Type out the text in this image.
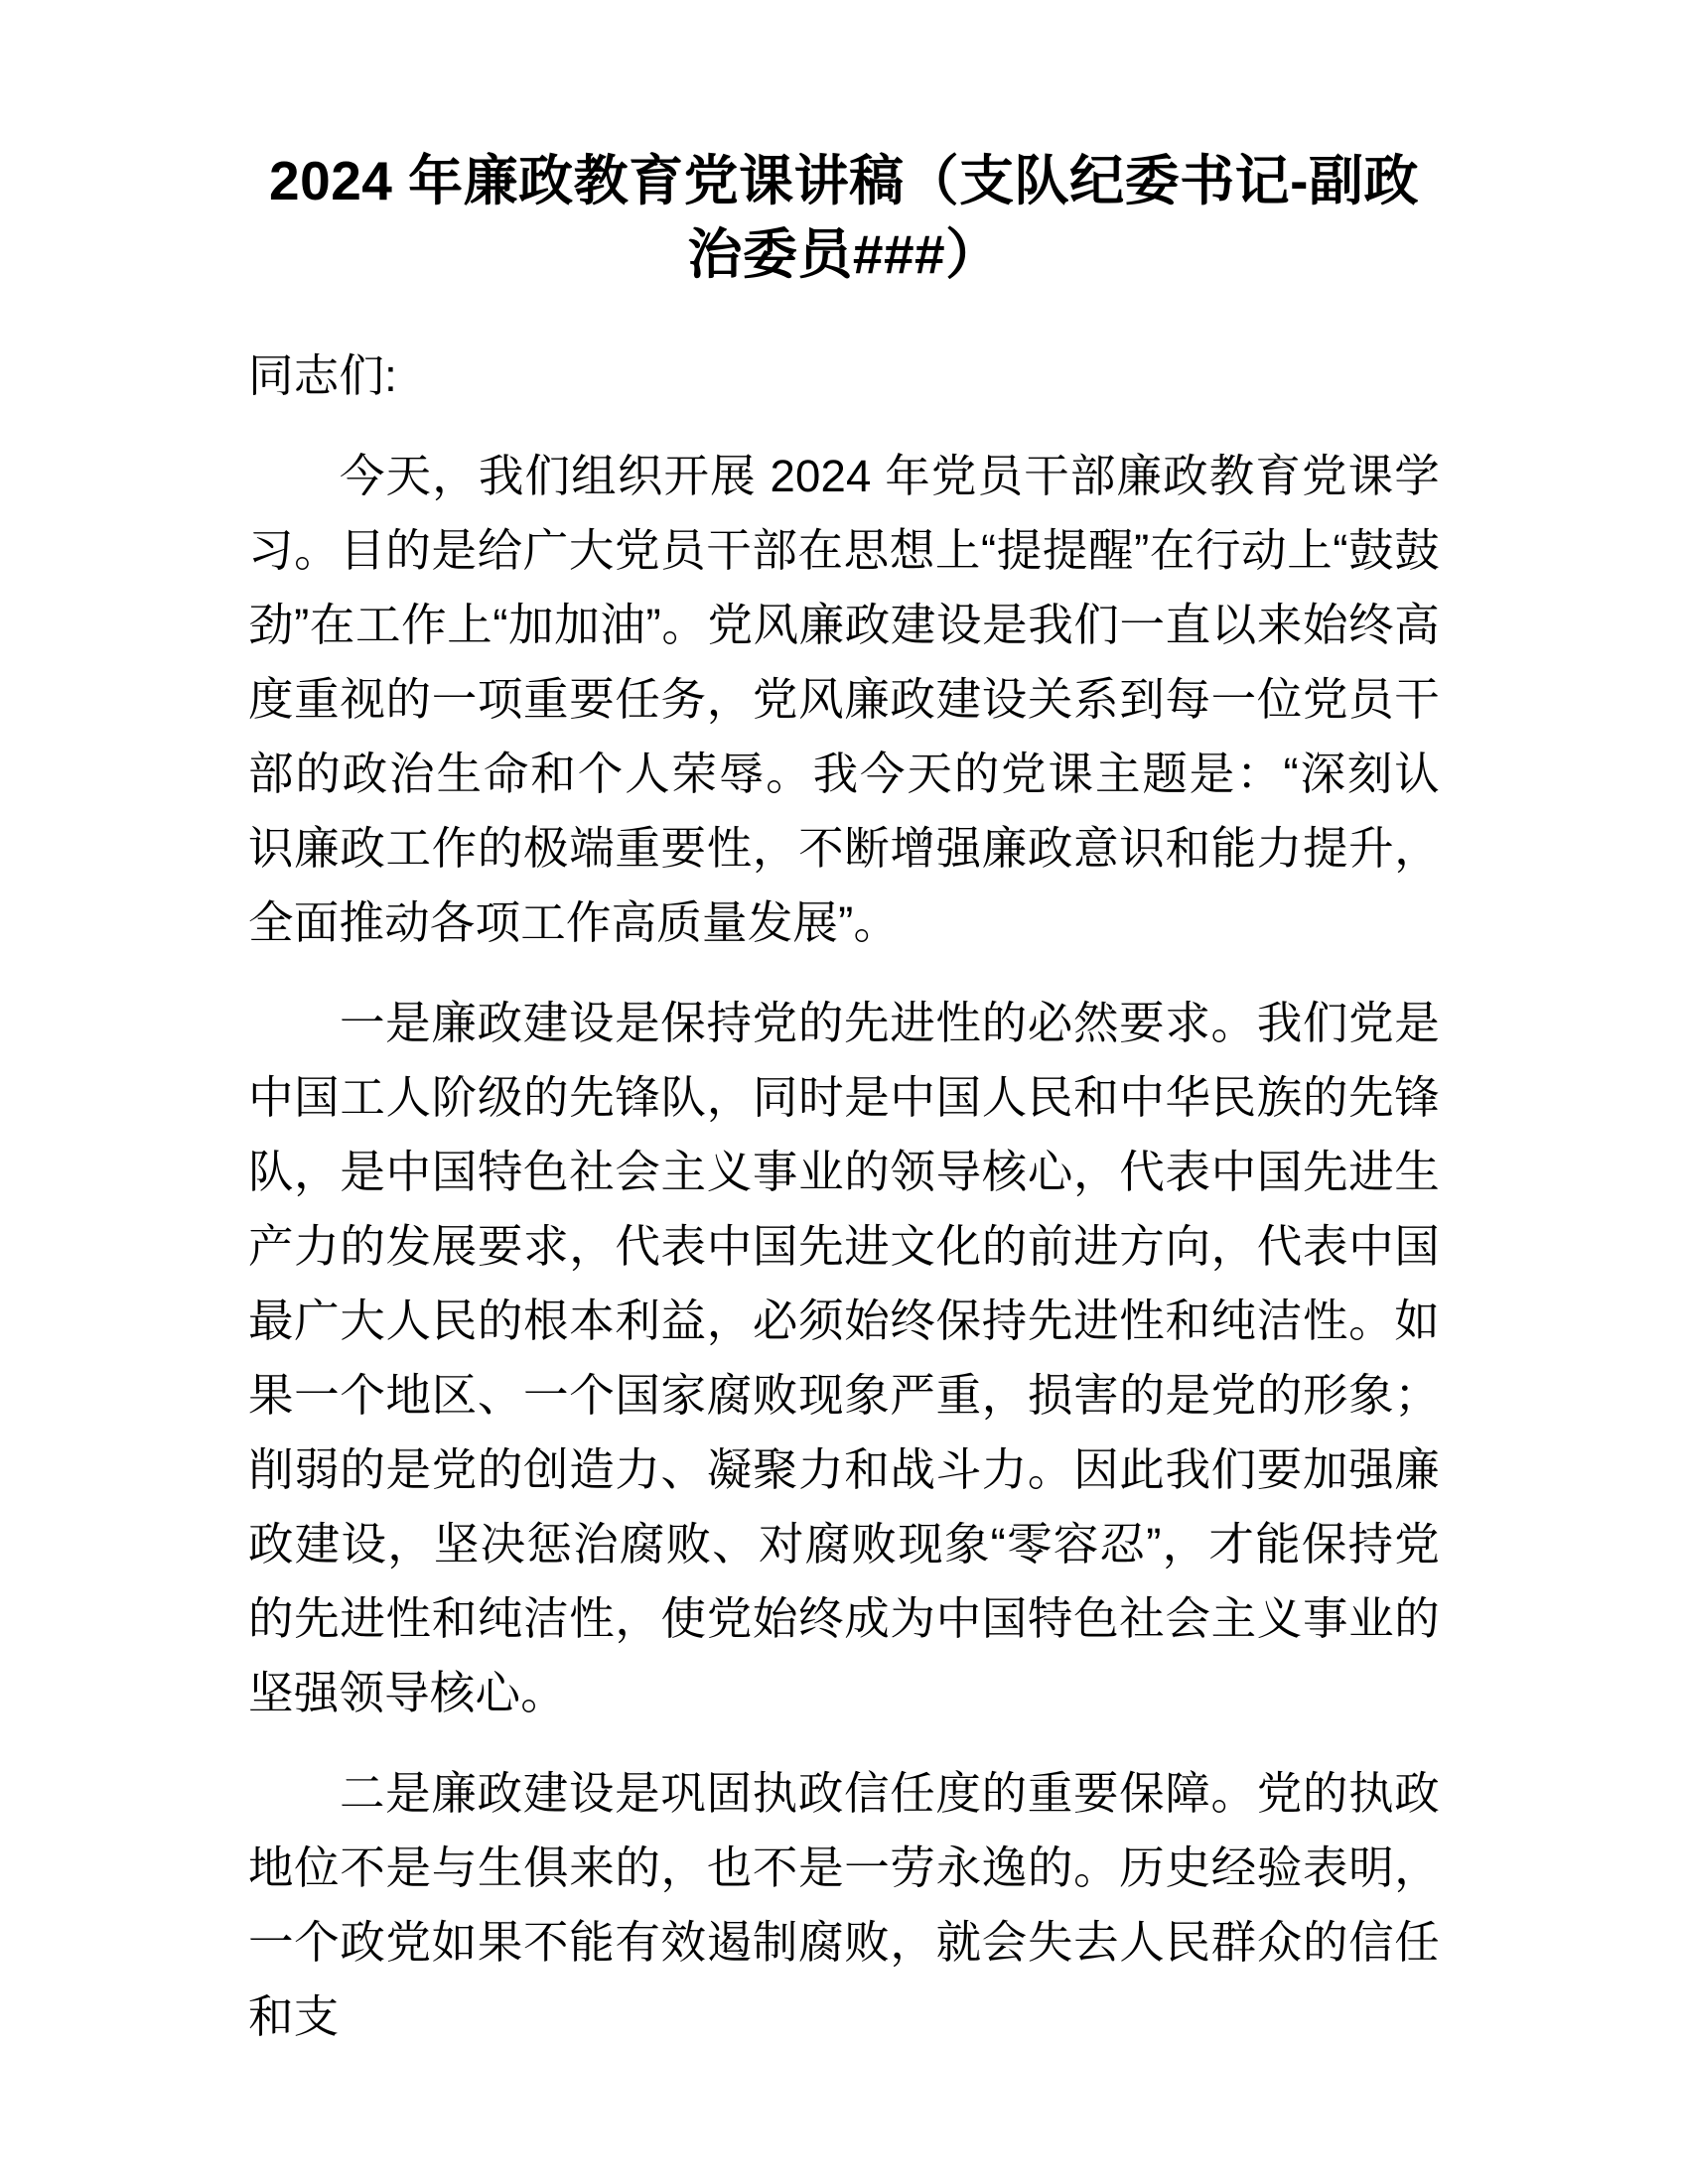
2024 年廉政教育党课讲稿（支队纪委书记-副政治委员###）

同志们:

今天，我们组织开展 2024 年党员干部廉政教育党课学习。目的是给广大党员干部在思想上“提提醒”在行动上“鼓鼓劲”在工作上“加加油”。党风廉政建设是我们一直以来始终高度重视的一项重要任务，党风廉政建设关系到每一位党员干部的政治生命和个人荣辱。我今天的党课主题是：“深刻认识廉政工作的极端重要性，不断增强廉政意识和能力提升，全面推动各项工作高质量发展”。

一是廉政建设是保持党的先进性的必然要求。我们党是中国工人阶级的先锋队，同时是中国人民和中华民族的先锋队，是中国特色社会主义事业的领导核心，代表中国先进生产力的发展要求，代表中国先进文化的前进方向，代表中国最广大人民的根本利益，必须始终保持先进性和纯洁性。如果一个地区、一个国家腐败现象严重，损害的是党的形象；削弱的是党的创造力、凝聚力和战斗力。因此我们要加强廉政建设，坚决惩治腐败、对腐败现象“零容忍”，才能保持党的先进性和纯洁性，使党始终成为中国特色社会主义事业的坚强领导核心。

二是廉政建设是巩固执政信任度的重要保障。党的执政地位不是与生俱来的，也不是一劳永逸的。历史经验表明，一个政党如果不能有效遏制腐败，就会失去人民群众的信任和支
